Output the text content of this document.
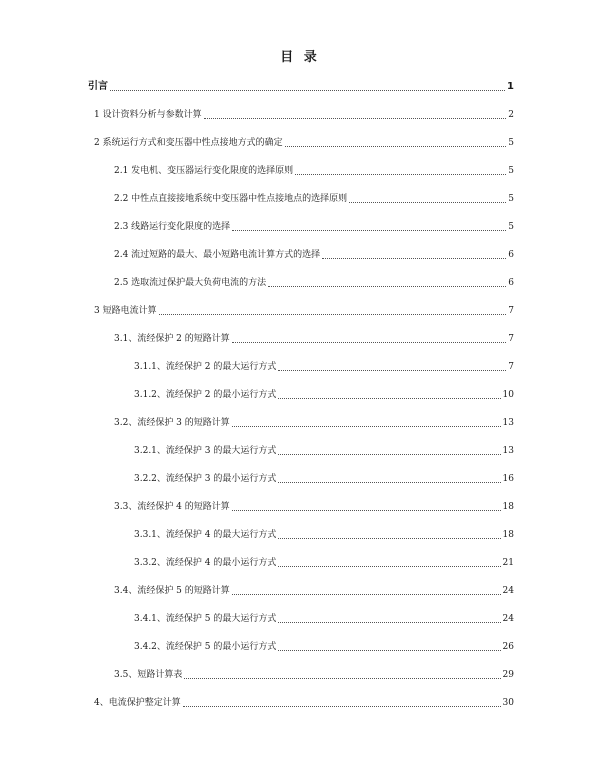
目 录
引言	1
1 设计资料分析与参数计算	2
2 系统运行方式和变压器中性点接地方式的确定	5
2.1 发电机、变压器运行变化限度的选择原则	5
2.2 中性点直接接地系统中变压器中性点接地点的选择原则	5
2.3 线路运行变化限度的选择	5
2.4 流过短路的最大、最小短路电流计算方式的选择	6
2.5 选取流过保护最大负荷电流的方法	6
3 短路电流计算	7
3.1、流经保护 2 的短路计算	7
3.1.1、流经保护 2 的最大运行方式	7
3.1.2、流经保护 2 的最小运行方式	10
3.2、流经保护 3 的短路计算	13
3.2.1、流经保护 3 的最大运行方式	13
3.2.2、流经保护 3 的最小运行方式	16
3.3、流经保护 4 的短路计算	18
3.3.1、流经保护 4 的最大运行方式	18
3.3.2、流经保护 4 的最小运行方式	21
3.4、流经保护 5 的短路计算	24
3.4.1、流经保护 5 的最大运行方式	24
3.4.2、流经保护 5 的最小运行方式	26
3.5、短路计算表	29
4、电流保护整定计算	30
